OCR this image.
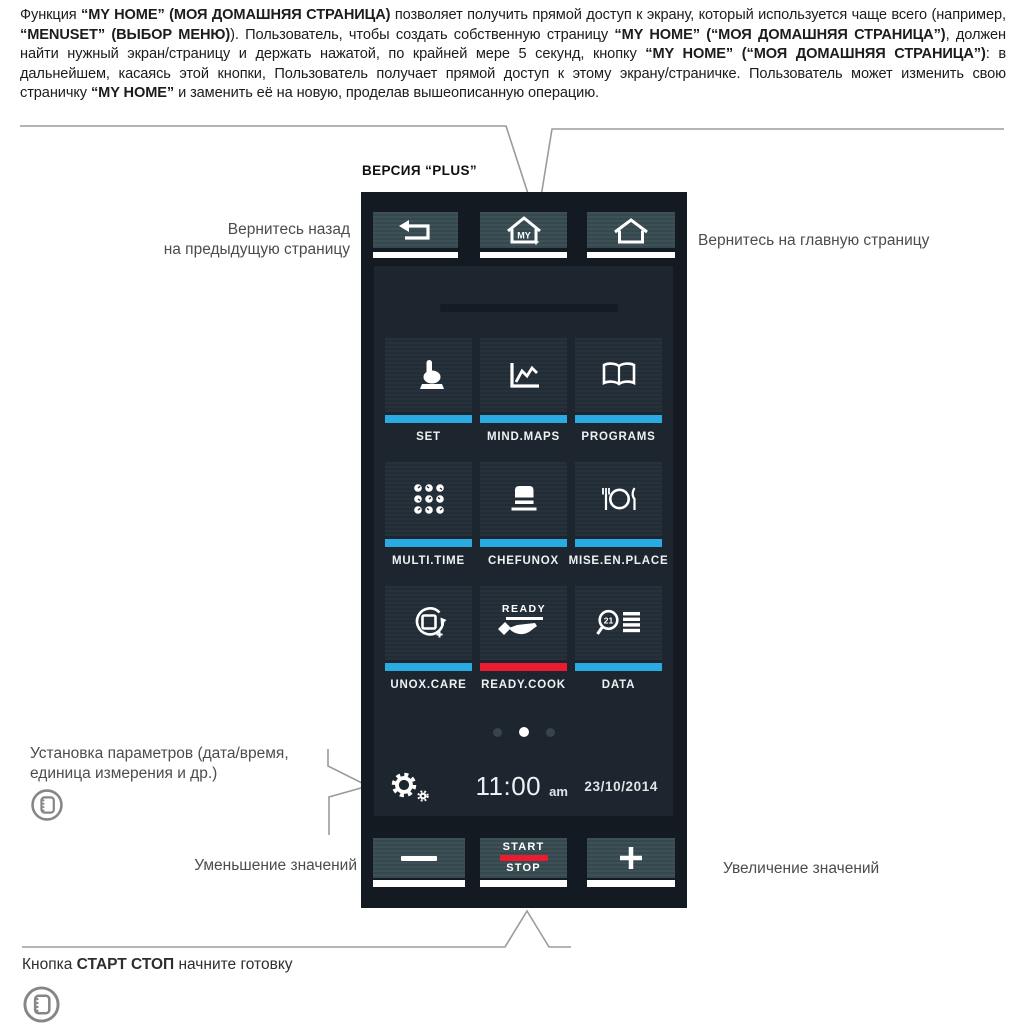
Функция “MY HOME” (МОЯ ДОМАШНЯЯ СТРАНИЦА) позволяет получить прямой доступ к экрану, который используется чаще всего (например, “MENUSET” (ВЫБОР МЕНЮ)). Пользователь, чтобы создать собственную страницу “MY HOME” (“МОЯ ДОМАШНЯЯ СТРАНИЦА”), должен найти нужный экран/страницу и держать нажатой, по крайней мере 5 секунд, кнопку “MY HOME” (“МОЯ ДОМАШНЯЯ СТРАНИЦА”): в дальнейшем, касаясь этой кнопки, Пользователь получает прямой доступ к этому экрану/страничке. Пользователь может изменить свою страничку “MY HOME” и заменить её на новую, проделав вышеописанную операцию.

ВЕРСИЯ “PLUS”
MY
SET	MIND.MAPS PROGRAMS
MULTI.TIME CHEFUNOX MISE.EN.PLACE
UNOX.CARE
READY
READY.COOK
21
DATA
11:00 am 23/10/2014
START
STOP
Вернитесь назад
на предыдущую страницу	Вернитесь на главную страницу
Установка параметров (дата/время,
единица измерения и др.)
Уменьшение значений	Увеличение значений
Кнопка СТАРТ СТОП начните готовку
